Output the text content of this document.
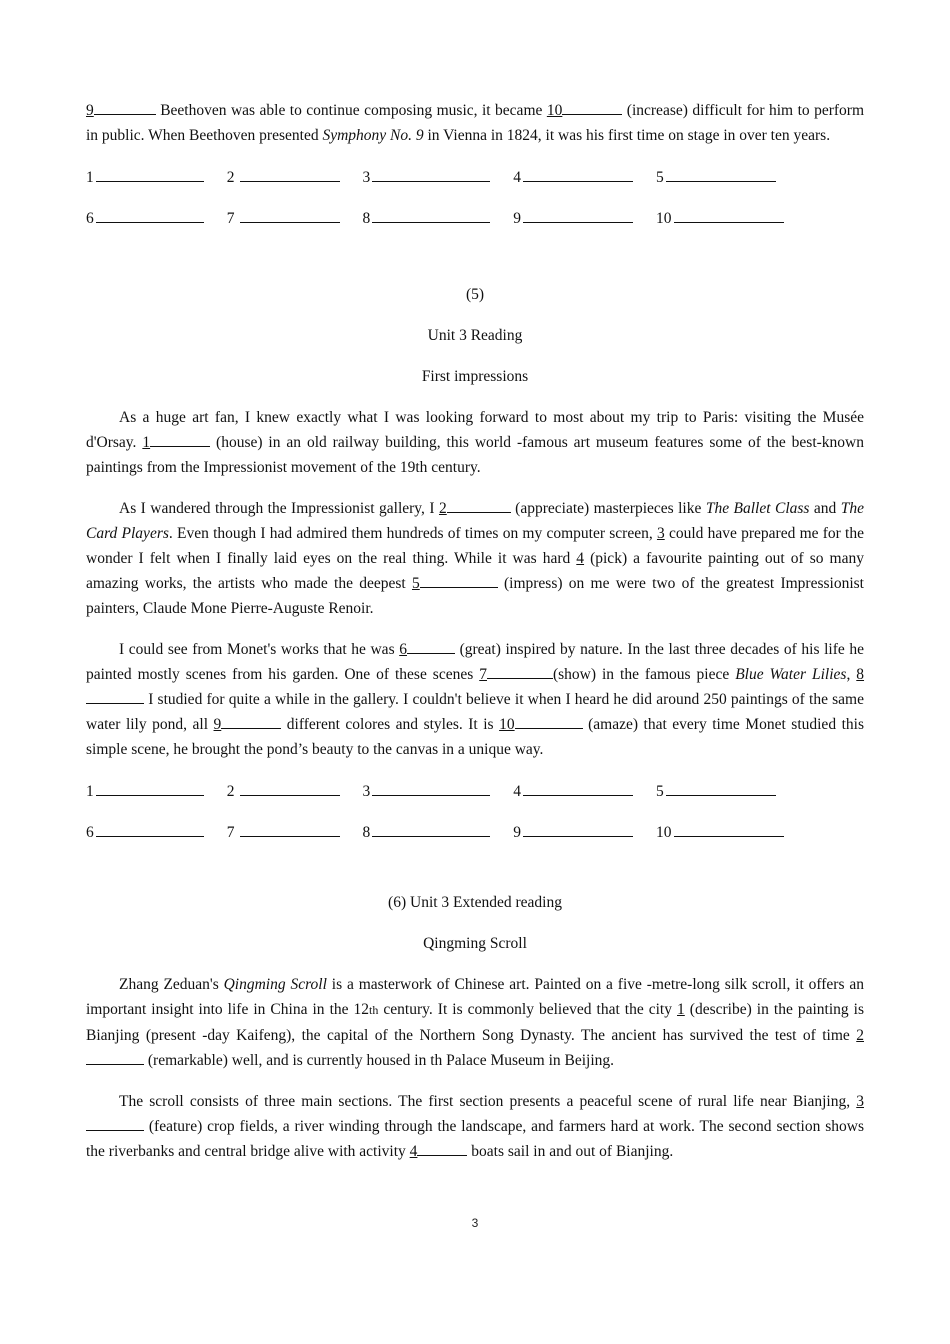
9	Beethoven was able to continue composing music, it became 10	(increase) difficult for him to perform in public. When Beethoven presented Symphony No. 9 in Vienna in 1824, it was his first time on stage in over ten years.

1	2	3	4	5
6	7	8	9	10
(5)
Unit 3 Reading
First impressions

As a huge art fan, I knew exactly what I was looking forward to most about my trip to Paris: visiting the Musée d'Orsay. 1	(house) in an old railway building, this world -famous art museum features some of the best-known paintings from the Impressionist movement of the 19th century.

As I wandered through the Impressionist gallery, I 2	(appreciate) masterpieces like The Ballet Class and The Card Players. Even though I had admired them hundreds of times on my computer screen, 3 could have prepared me for the wonder I felt when I finally laid eyes on the real thing. While it was hard 4 (pick) a favourite painting out of so many amazing works, the artists who made the deepest 5	(impress) on me were two of the greatest Impressionist painters, Claude Mone Pierre-Auguste Renoir.

I could see from Monet's works that he was 6	(great) inspired by nature. In the last three decades of his life he painted mostly scenes from his garden. One of these scenes 7	(show) in the famous piece Blue Water Lilies, 8 I studied for quite a while in the gallery. I couldn't believe it when I heard he did around 250 paintings of the same water lily pond, all 9	different colores and styles. It is 10	(amaze) that every time Monet studied this simple scene, he brought the pond’s beauty to the canvas in a unique way.

1	2	3	4	5
6	7	8	9	10
(6) Unit 3 Extended reading
Qingming Scroll

Zhang Zeduan's Qingming Scroll is a masterwork of Chinese art. Painted on a five -metre-long silk scroll, it offers an important insight into life in China in the 12th century. It is commonly believed that the city 1 (describe) in the painting is Bianjing (present -day Kaifeng), the capital of the Northern Song Dynasty. The ancient has survived the test of time 2 (remarkable) well, and is currently housed in th Palace Museum in Beijing.

The scroll consists of three main sections. The first section presents a peaceful scene of rural life near Bianjing, 3 (feature) crop fields, a river winding through the landscape, and farmers hard at work. The second section shows the riverbanks and central bridge alive with activity 4	boats sail in and out of Bianjing.

3
